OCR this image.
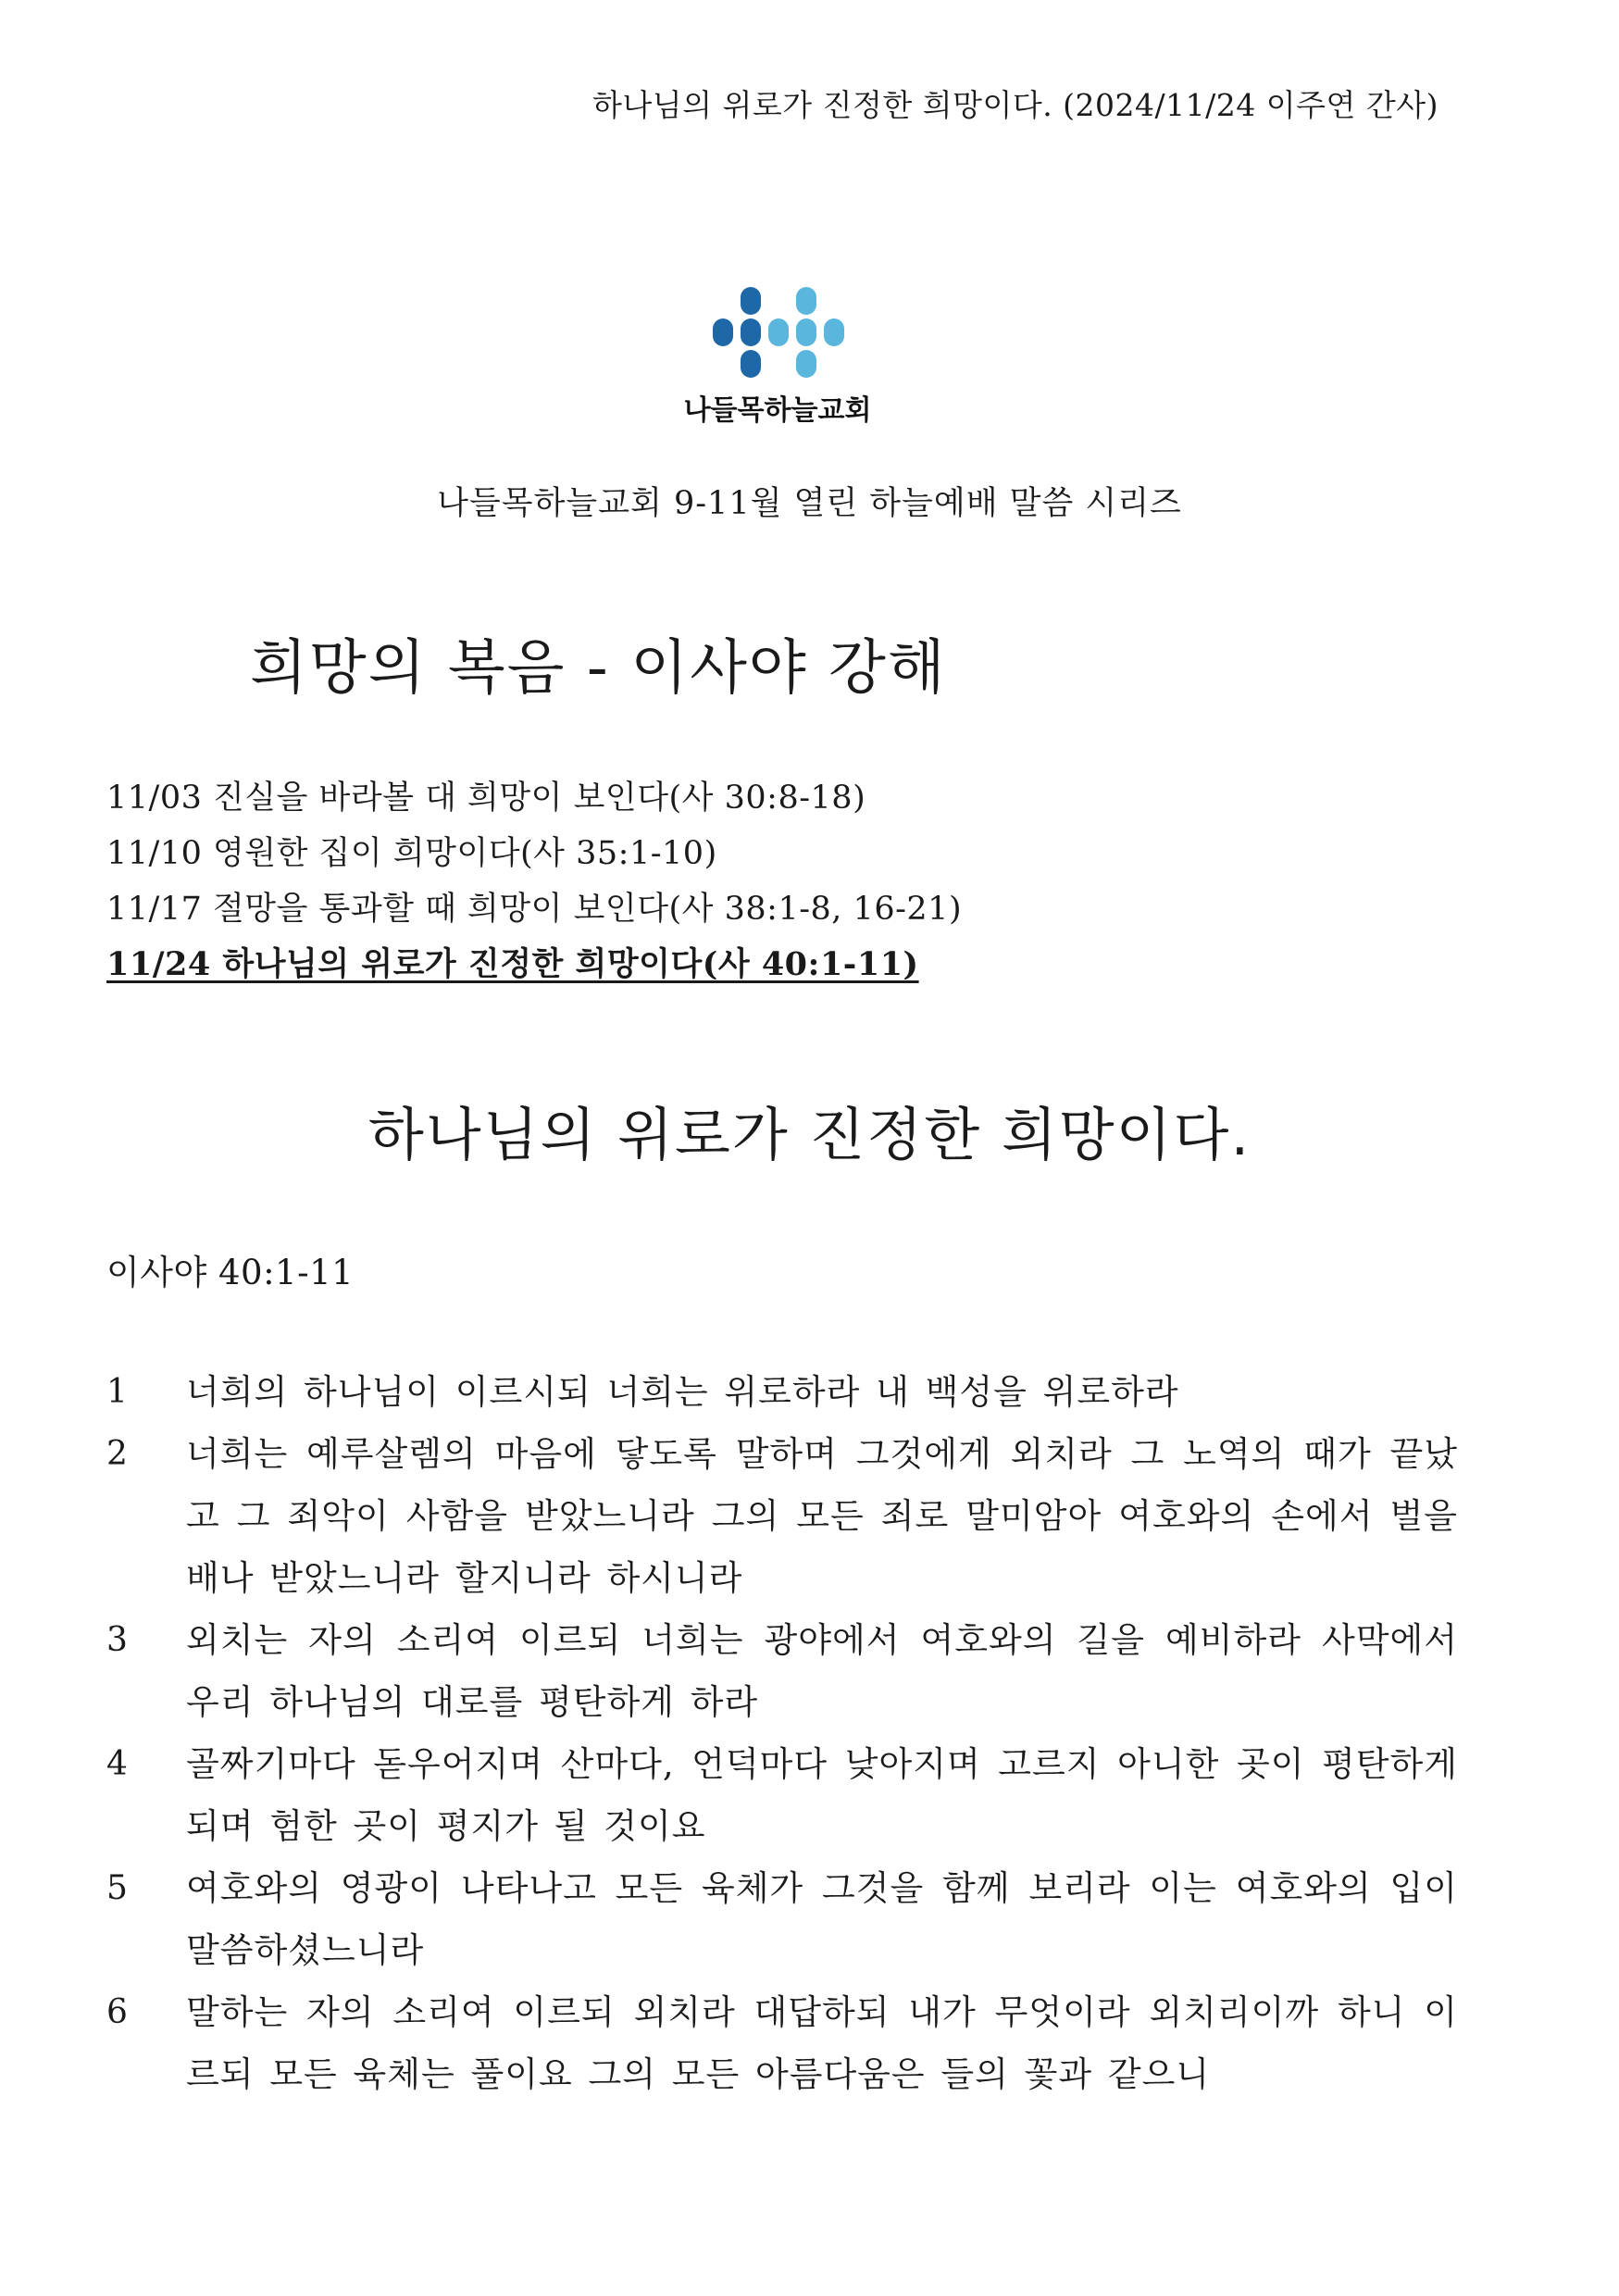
하나님의 위로가 진정한 희망이다. (2024/11/24 이주연 간사)
나들목하늘교회
나들목하늘교회 9-11월 열린 하늘예배 말씀 시리즈
희망의 복음 - 이사야 강해
11/03 진실을 바라볼 대 희망이 보인다(사 30:8-18)
11/10 영원한 집이 희망이다(사 35:1-10)
11/17 절망을 통과할 때 희망이 보인다(사 38:1-8, 16-21)
11/24 하나님의 위로가 진정한 희망이다(사 40:1-11)
하나님의 위로가 진정한 희망이다.
이사야 40:1-11
1 너희의 하나님이 이르시되 너희는 위로하라 내 백성을 위로하라
2 너희는 예루살렘의 마음에 닿도록 말하며 그것에게 외치라 그 노역의 때가 끝났고 그 죄악이 사함을 받았느니라 그의 모든 죄로 말미암아 여호와의 손에서 벌을 배나 받았느니라 할지니라 하시니라
3 외치는 자의 소리여 이르되 너희는 광야에서 여호와의 길을 예비하라 사막에서 우리 하나님의 대로를 평탄하게 하라
4 골짜기마다 돋우어지며 산마다, 언덕마다 낮아지며 고르지 아니한 곳이 평탄하게 되며 험한 곳이 평지가 될 것이요
5 여호와의 영광이 나타나고 모든 육체가 그것을 함께 보리라 이는 여호와의 입이 말씀하셨느니라
6 말하는 자의 소리여 이르되 외치라 대답하되 내가 무엇이라 외치리이까 하니 이르되 모든 육체는 풀이요 그의 모든 아름다움은 들의 꽃과 같으니
